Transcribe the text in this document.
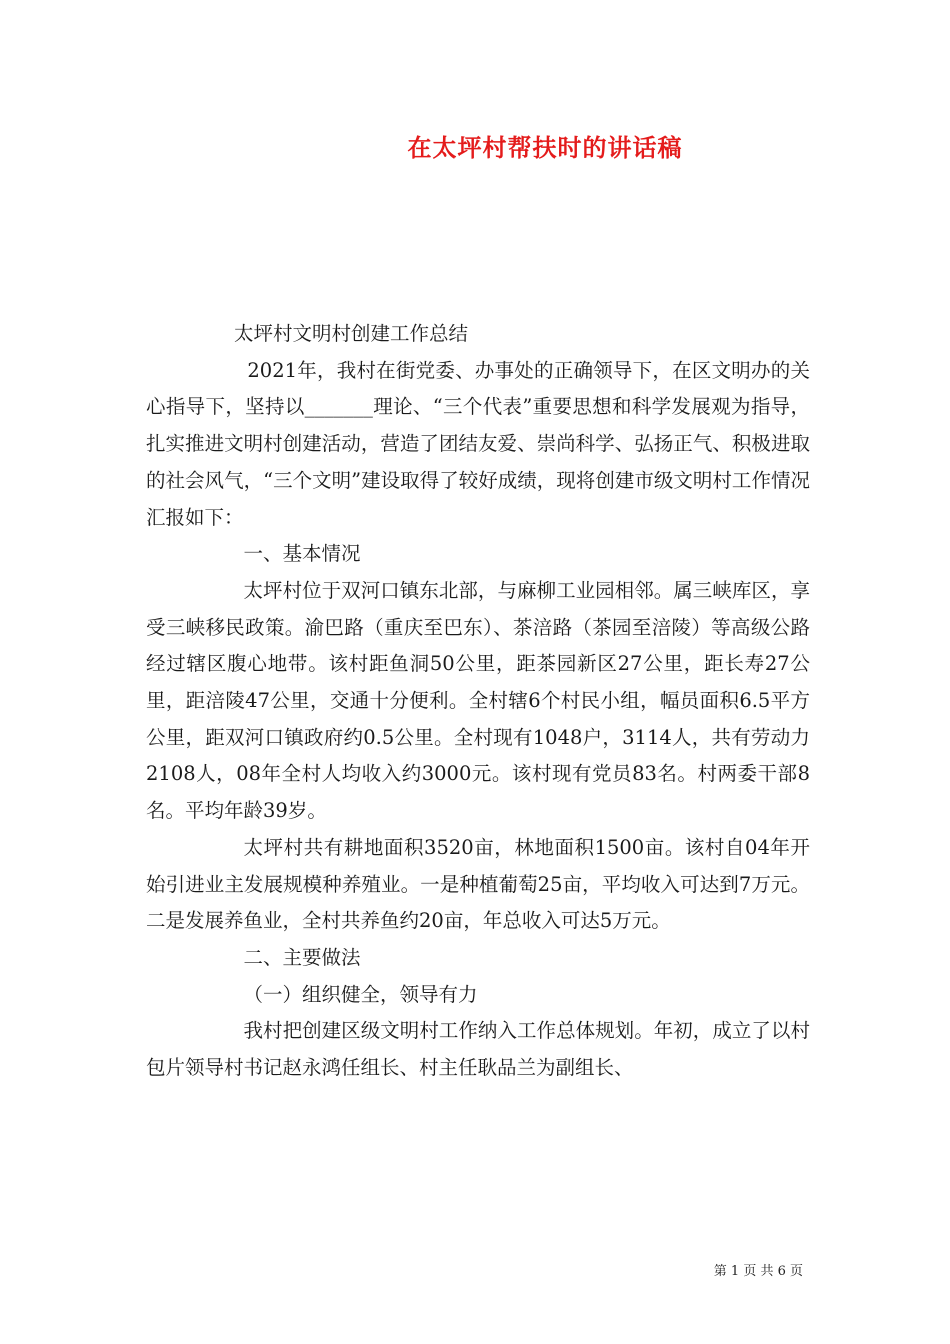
在太坪村帮扶时的讲话稿

太坪村文明村创建工作总结

2021年，我村在街党委、办事处的正确领导下，在区文明办的关心指导下，坚持以_______理论、“三个代表”重要思想和科学发展观为指导，扎实推进文明村创建活动，营造了团结友爱、崇尚科学、弘扬正气、积极进取的社会风气，“三个文明”建设取得了较好成绩，现将创建市级文明村工作情况汇报如下：

一、基本情况

太坪村位于双河口镇东北部，与麻柳工业园相邻。属三峡库区，享受三峡移民政策。渝巴路（重庆至巴东）、茶涪路（茶园至涪陵）等高级公路经过辖区腹心地带。该村距鱼洞50公里，距茶园新区27公里，距长寿27公里，距涪陵47公里，交通十分便利。全村辖6个村民小组，幅员面积6.5平方公里，距双河口镇政府约0.5公里。全村现有1048户，3114人，共有劳动力2108人，08年全村人均收入约3000元。该村现有党员83名。村两委干部8名。平均年龄39岁。

太坪村共有耕地面积3520亩，林地面积1500亩。该村自04年开始引进业主发展规模种养殖业。一是种植葡萄25亩，平均收入可达到7万元。二是发展养鱼业，全村共养鱼约20亩，年总收入可达5万元。

二、主要做法

（一）组织健全，领导有力

我村把创建区级文明村工作纳入工作总体规划。年初，成立了以村包片领导村书记赵永鸿任组长、村主任耿品兰为副组长、

第 1 页 共 6 页
